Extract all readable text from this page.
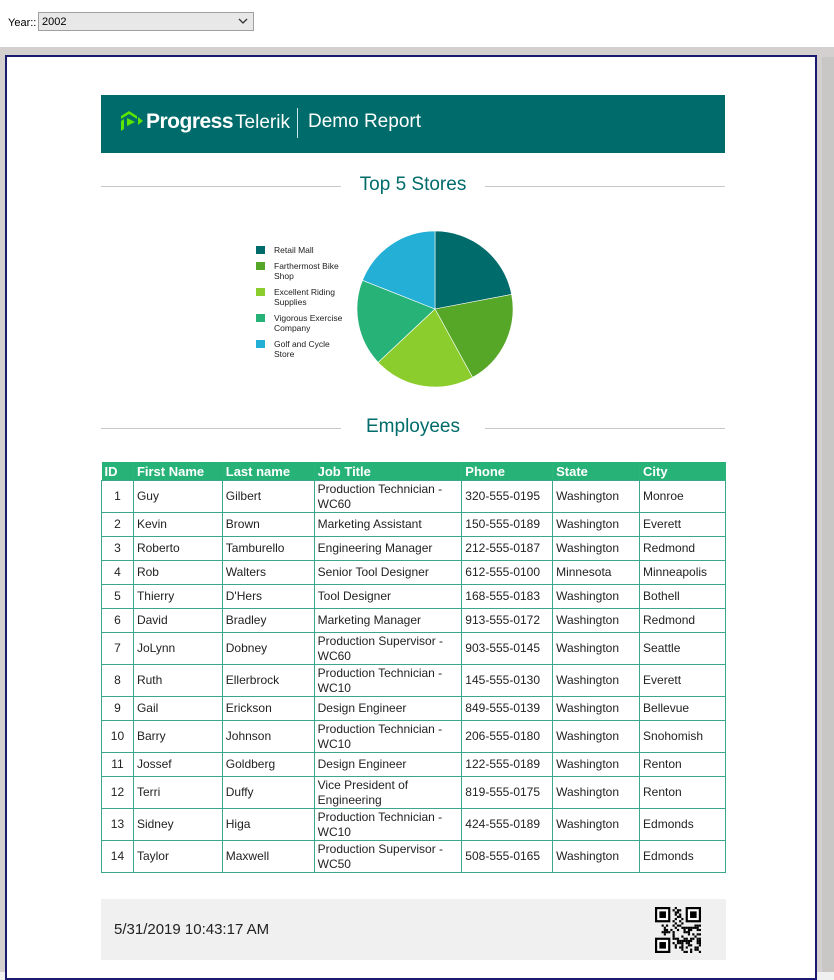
Year:: 2002
Progress Telerik Demo Report
Top 5 Stores
Retail Mall
Farthermost Bike Shop
Excellent Riding Supplies
Vigorous Exercise Company
Golf and Cycle Store
Employees
ID	First Name	Last name	Job Title	Phone	State	City
1	Guy	Gilbert	Production Technician - WC60	320-555-0195	Washington	Monroe
2	Kevin	Brown	Marketing Assistant	150-555-0189	Washington	Everett
3	Roberto	Tamburello	Engineering Manager	212-555-0187	Washington	Redmond
4	Rob	Walters	Senior Tool Designer	612-555-0100	Minnesota	Minneapolis
5	Thierry	D'Hers	Tool Designer	168-555-0183	Washington	Bothell
6	David	Bradley	Marketing Manager	913-555-0172	Washington	Redmond
7	JoLynn	Dobney	Production Supervisor - WC60	903-555-0145	Washington	Seattle
8	Ruth	Ellerbrock	Production Technician - WC10	145-555-0130	Washington	Everett
9	Gail	Erickson	Design Engineer	849-555-0139	Washington	Bellevue
10	Barry	Johnson	Production Technician - WC10	206-555-0180	Washington	Snohomish
11	Jossef	Goldberg	Design Engineer	122-555-0189	Washington	Renton
12	Terri	Duffy	Vice President of Engineering	819-555-0175	Washington	Renton
13	Sidney	Higa	Production Technician - WC10	424-555-0189	Washington	Edmonds
14	Taylor	Maxwell	Production Supervisor - WC50	508-555-0165	Washington	Edmonds
5/31/2019 10:43:17 AM
